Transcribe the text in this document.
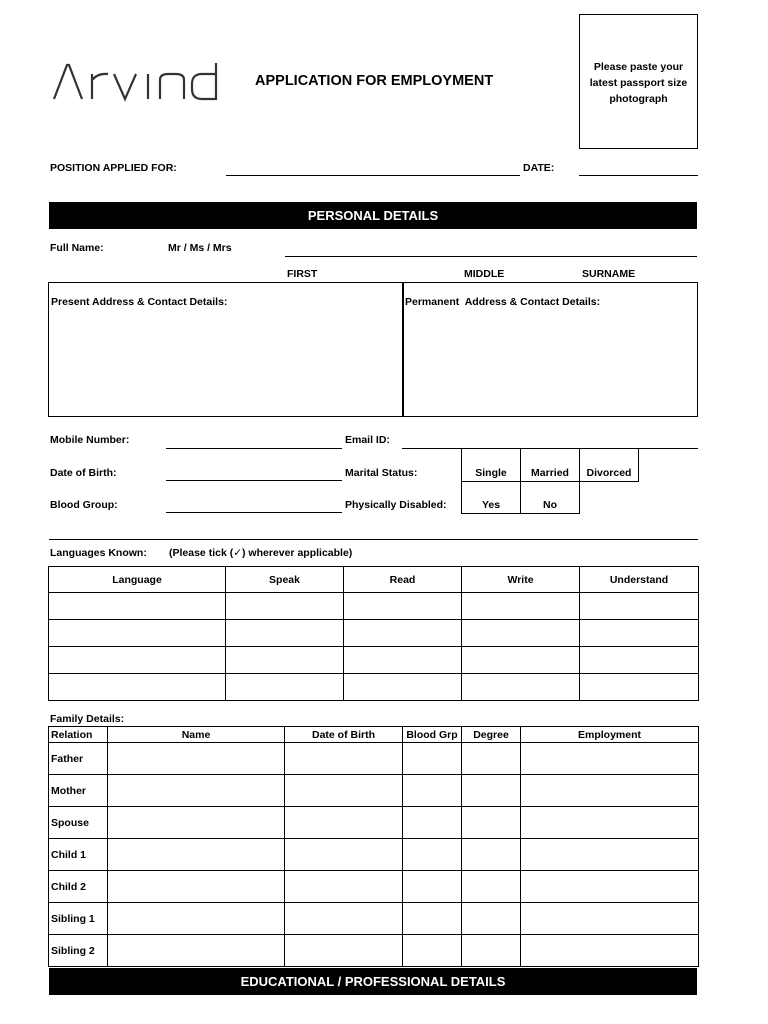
APPLICATION FOR EMPLOYMENT
Please paste your latest passport size photograph
POSITION APPLIED FOR:	DATE:
PERSONAL DETAILS
Full Name:	Mr / Ms / Mrs
FIRST	MIDDLE	SURNAME
Present Address & Contact Details:	Permanent  Address & Contact Details:
Mobile Number:	Email ID:
Date of Birth:	Marital Status:	Single	Married	Divorced
Blood Group:	Physically Disabled:	Yes	No
Languages Known: (Please tick (✓) wherever applicable)
Language	Speak	Read	Write	Understand

Family Details:
Relation	Name	Date of Birth	Blood Grp	Degree	Employment
Father					
Mother					
Spouse					
Child 1					
Child 2					
Sibling 1					
Sibling 2					
EDUCATIONAL / PROFESSIONAL DETAILS
